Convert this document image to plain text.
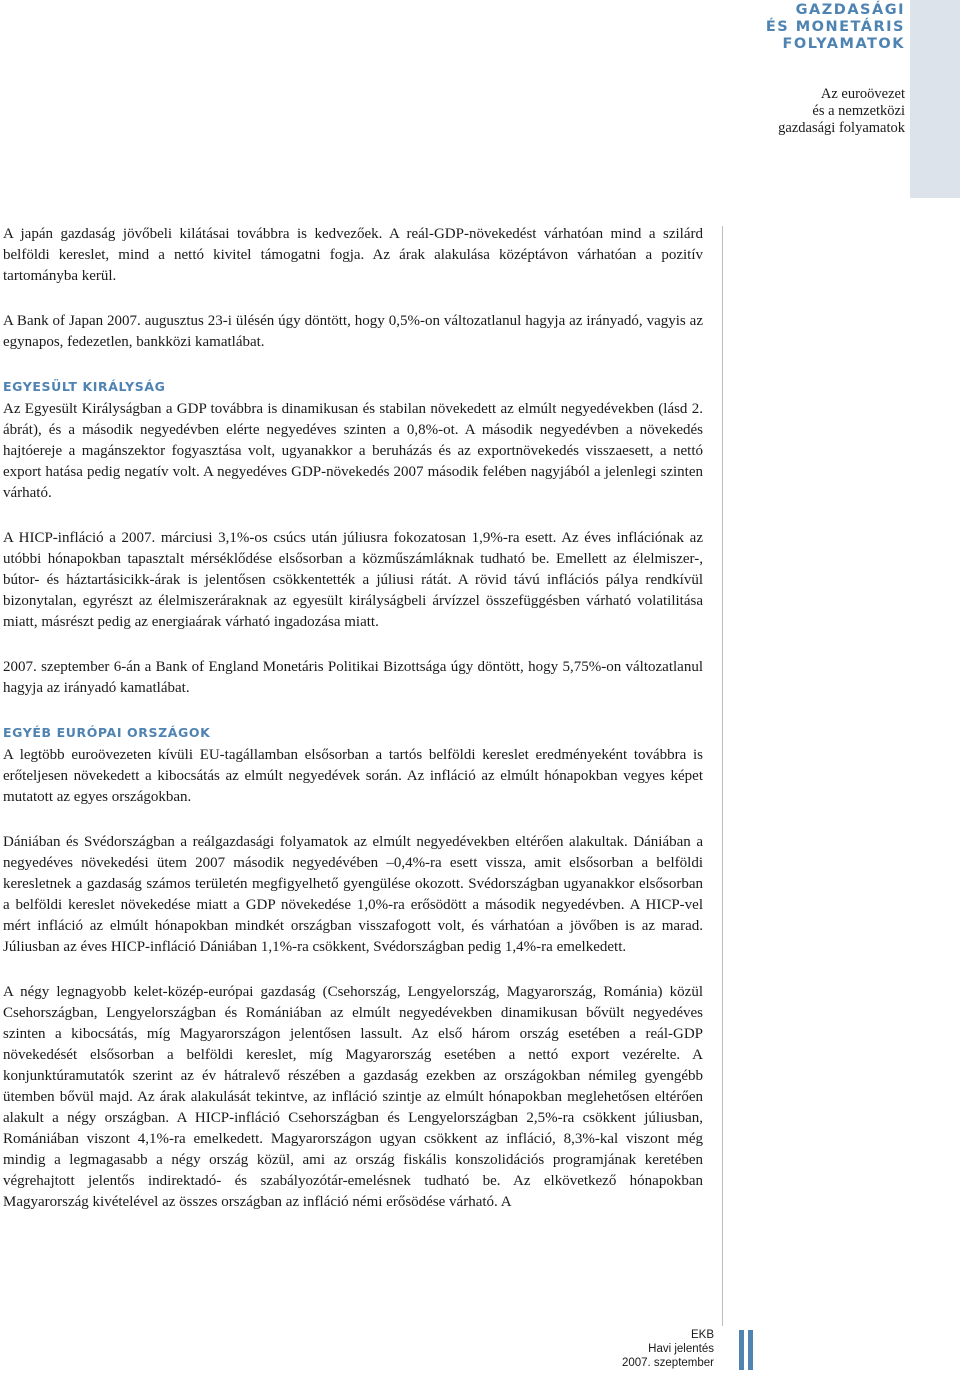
GAZDASÁGI
ÉS MONETÁRIS
FOLYAMATOK
Az euroövezet
és a nemzetközi
gazdasági folyamatok

A japán gazdaság jövőbeli kilátásai továbbra is kedvezőek. A reál-GDP-növekedést várhatóan mind a szilárd belföldi kereslet, mind a nettó kivitel támogatni fogja. Az árak alakulása középtávon várhatóan a pozitív tartományba kerül.

A Bank of Japan 2007. augusztus 23-i ülésén úgy döntött, hogy 0,5%-on változatlanul hagyja az irányadó, vagyis az egynapos, fedezetlen, bankközi kamatlábat.

EGYESÜLT KIRÁLYSÁG

Az Egyesült Királyságban a GDP továbbra is dinamikusan és stabilan növekedett az elmúlt negyedévekben (lásd 2. ábrát), és a második negyedévben elérte negyedéves szinten a 0,8%-ot. A második negyedévben a növekedés hajtóereje a magánszektor fogyasztása volt, ugyanakkor a beruházás és az exportnövekedés visszaesett, a nettó export hatása pedig negatív volt. A negyedéves GDP-növekedés 2007 második felében nagyjából a jelenlegi szinten várható.

A HICP-infláció a 2007. márciusi 3,1%-os csúcs után júliusra fokozatosan 1,9%-ra esett. Az éves inflációnak az utóbbi hónapokban tapasztalt mérséklődése elsősorban a közműszámláknak tudható be. Emellett az élelmiszer-, bútor- és háztartásicikk-árak is jelentősen csökkentették a júliusi rátát. A rövid távú inflációs pálya rendkívül bizonytalan, egyrészt az élelmiszeráraknak az egyesült királyságbeli árvízzel összefüggésben várható volatilitása miatt, másrészt pedig az energiaárak várható ingadozása miatt.

2007. szeptember 6-án a Bank of England Monetáris Politikai Bizottsága úgy döntött, hogy 5,75%-on változatlanul hagyja az irányadó kamatlábat.

EGYÉB EURÓPAI ORSZÁGOK

A legtöbb euroövezeten kívüli EU-tagállamban elsősorban a tartós belföldi kereslet eredményeként továbbra is erőteljesen növekedett a kibocsátás az elmúlt negyedévek során. Az infláció az elmúlt hónapokban vegyes képet mutatott az egyes országokban.

Dániában és Svédországban a reálgazdasági folyamatok az elmúlt negyedévekben eltérően alakultak. Dániában a negyedéves növekedési ütem 2007 második negyedévében –0,4%-ra esett vissza, amit elsősorban a belföldi keresletnek a gazdaság számos területén megfigyelhető gyengülése okozott. Svédországban ugyanakkor elsősorban a belföldi kereslet növekedése miatt a GDP növekedése 1,0%-ra erősödött a második negyedévben. A HICP-vel mért infláció az elmúlt hónapokban mindkét országban visszafogott volt, és várhatóan a jövőben is az marad. Júliusban az éves HICP-infláció Dániában 1,1%-ra csökkent, Svédországban pedig 1,4%-ra emelkedett.

A négy legnagyobb kelet-közép-európai gazdaság (Csehország, Lengyelország, Magyarország, Románia) közül Csehországban, Lengyelországban és Romániában az elmúlt negyedévekben dinamikusan bővült negyedéves szinten a kibocsátás, míg Magyarországon jelentősen lassult. Az első három ország esetében a reál-GDP növekedését elsősorban a belföldi kereslet, míg Magyarország esetében a nettó export vezérelte. A konjunktúramutatók szerint az év hátralevő részében a gazdaság ezekben az országokban némileg gyengébb ütemben bővül majd. Az árak alakulását tekintve, az infláció szintje az elmúlt hónapokban meglehetősen eltérően alakult a négy országban. A HICP-infláció Csehországban és Lengyelországban 2,5%-ra csökkent júliusban, Romániában viszont 4,1%-ra emelkedett. Magyarországon ugyan csökkent az infláció, 8,3%-kal viszont még mindig a legmagasabb a négy ország közül, ami az ország fiskális konszolidációs programjának keretében végrehajtott jelentős indirektadó- és szabályozótár-emelésnek tudható be. Az elkövetkező hónapokban Magyarország kivételével az összes országban az infláció némi erősödése várható. A

EKB
Havi jelentés
2007. szeptember
